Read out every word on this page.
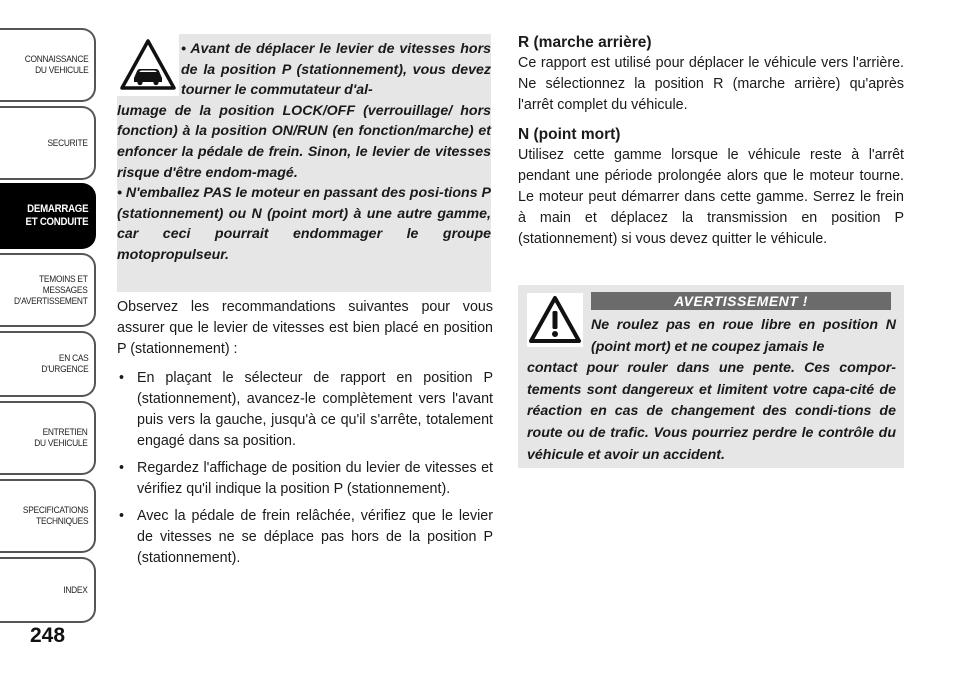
CONNAISSANCE
DU VEHICULE
SECURITE
DEMARRAGE
ET CONDUITE
TEMOINS ET
MESSAGES
D'AVERTISSEMENT
EN CAS
D'URGENCE
ENTRETIEN
DU VEHICULE
SPECIFICATIONS
TECHNIQUES
INDEX
248

• Avant de déplacer le levier de vitesses hors de la position P (stationnement), vous devez tourner le commutateur d'al-

lumage de la position LOCK/OFF (verrouillage/ hors fonction) à la position ON/RUN (en fonction/marche) et enfoncer la pédale de frein. Sinon, le levier de vitesses risque d'être endom-magé.

• N'emballez PAS le moteur en passant des posi-tions P (stationnement) ou N (point mort) à une autre gamme, car ceci pourrait endommager le groupe motopropulseur.

Observez les recommandations suivantes pour vous assurer que le levier de vitesses est bien placé en position P (stationnement) :

• En plaçant le sélecteur de rapport en position P (stationnement), avancez-le complètement vers l'avant puis vers la gauche, jusqu'à ce qu'il s'arrête, totalement engagé dans sa position.
• Regardez l'affichage de position du levier de vitesses et vérifiez qu'il indique la position P (stationnement).
• Avec la pédale de frein relâchée, vérifiez que le levier de vitesses ne se déplace pas hors de la position P (stationnement).

R (marche arrière)

Ce rapport est utilisé pour déplacer le véhicule vers l'arrière. Ne sélectionnez la position R (marche arrière) qu'après l'arrêt complet du véhicule.

N (point mort)

Utilisez cette gamme lorsque le véhicule reste à l'arrêt pendant une période prolongée alors que le moteur tourne. Le moteur peut démarrer dans cette gamme. Serrez le frein à main et déplacez la transmission en position P (stationnement) si vous devez quitter le véhicule.

AVERTISSEMENT !

Ne roulez pas en roue libre en position N (point mort) et ne coupez jamais le

contact pour rouler dans une pente. Ces compor-tements sont dangereux et limitent votre capa-cité de réaction en cas de changement des condi-tions de route ou de trafic. Vous pourriez perdre le contrôle du véhicule et avoir un accident.
